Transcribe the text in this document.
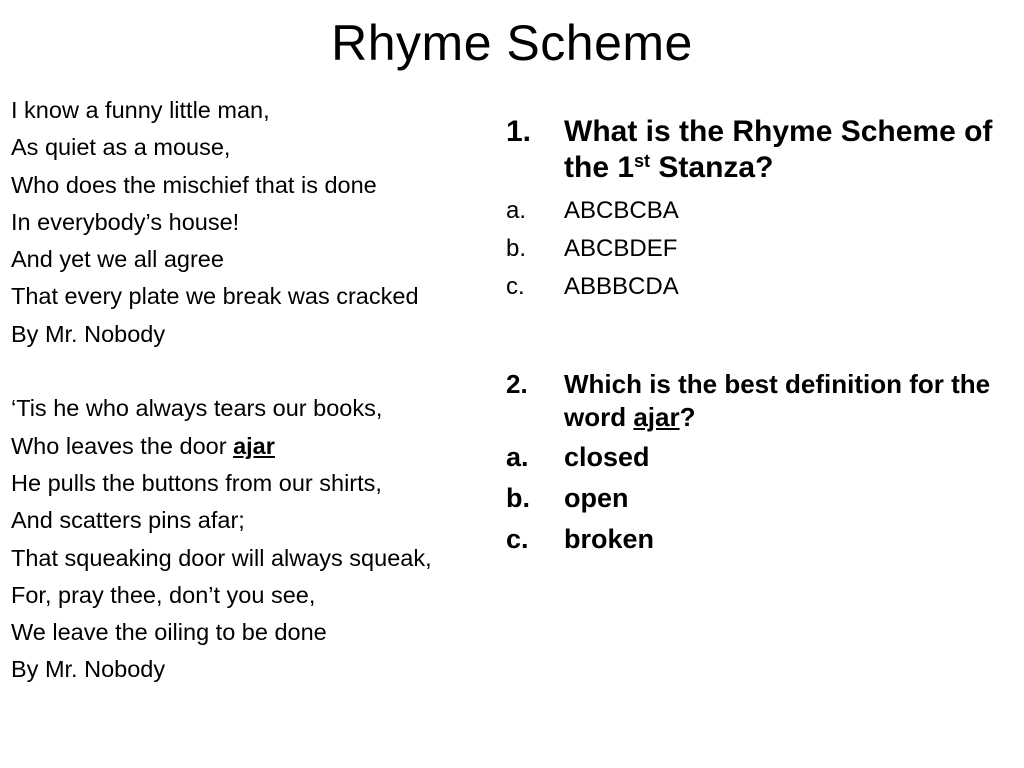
Rhyme Scheme
I know a funny little man,
As quiet as a mouse,
Who does the mischief that is done
In everybody’s house!
And yet we all agree
That every plate we break was cracked
By Mr. Nobody
‘Tis he who always tears our books,
Who leaves the door ajar
He pulls the buttons from our shirts,
And scatters pins afar;
That squeaking door will always squeak,
For, pray thee, don’t you see,
We leave the oiling to be done
By Mr. Nobody
1.	What is the Rhyme Scheme of the 1st Stanza?
a.	ABCBCBA
b.	ABCBDEF
c.	ABBBCDA
2.	Which is the best definition for the word ajar?
a.	closed
b.	open
c.	broken
